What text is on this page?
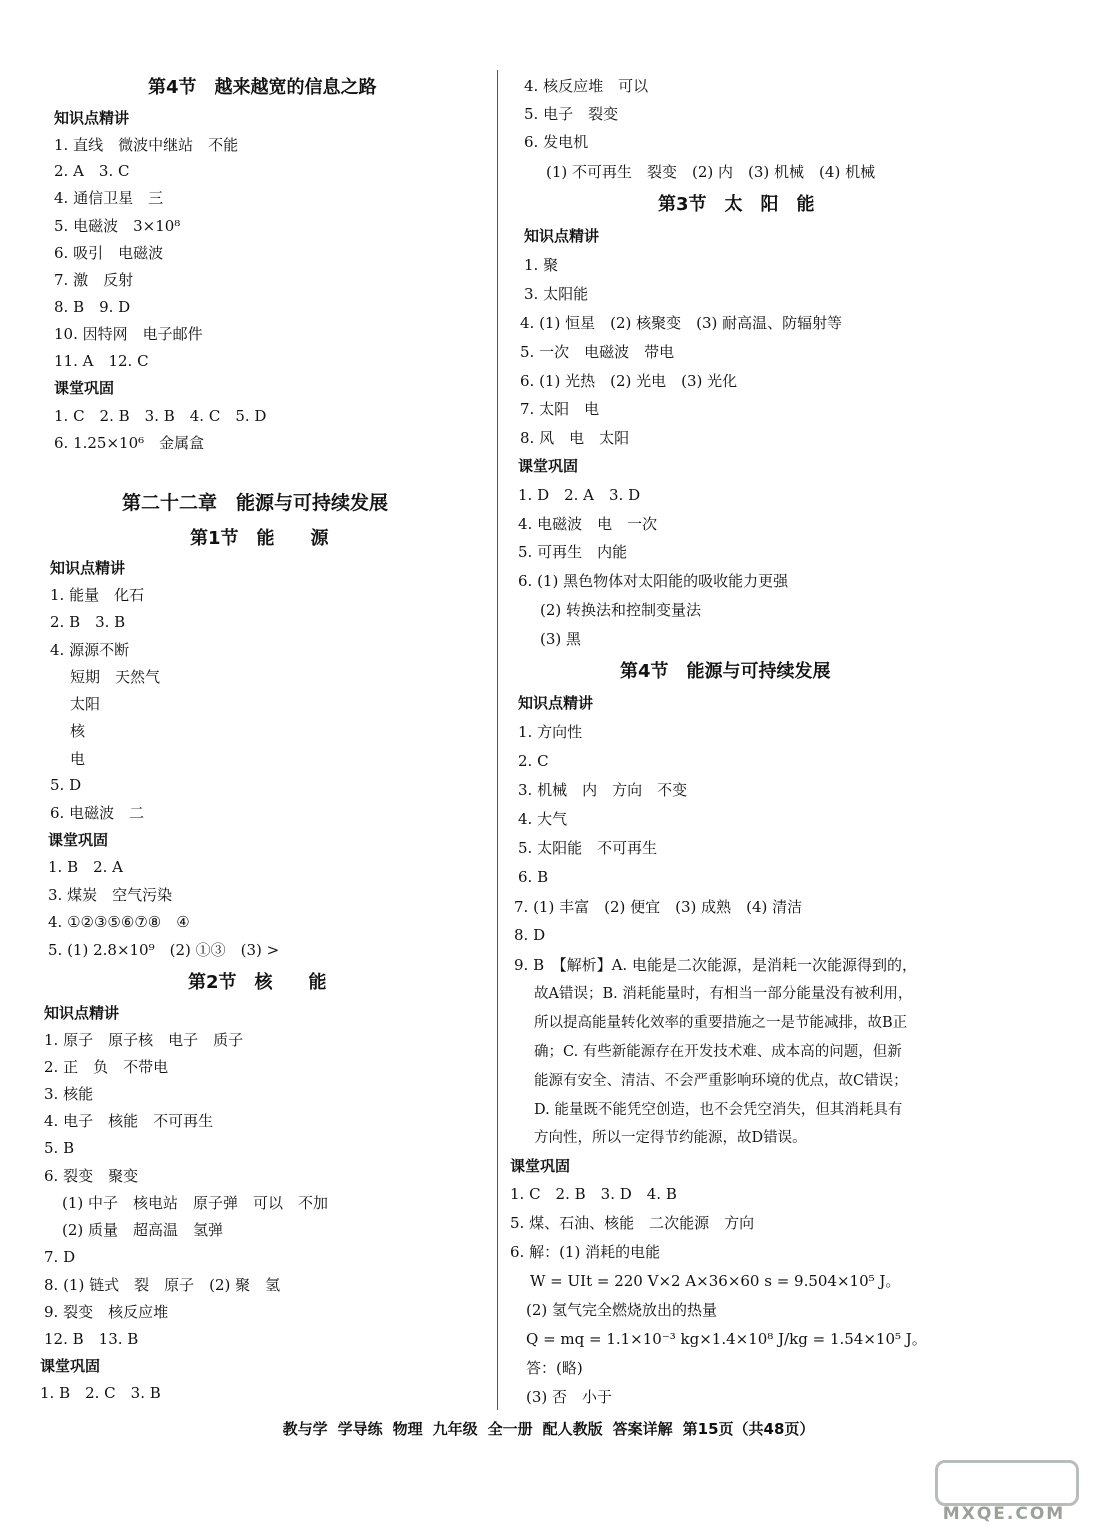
第4节　越来越宽的信息之路
知识点精讲
1. 直线　微波中继站　不能
2. A　3. C
4. 通信卫星　三
5. 电磁波　3×10⁸
6. 吸引　电磁波
7. 激　反射
8. B　9. D
10. 因特网　电子邮件
11. A　12. C
课堂巩固
1. C　2. B　3. B　4. C　5. D
6. 1.25×10⁶　金属盒
第二十二章　能源与可持续发展
第1节　能　　源
知识点精讲
1. 能量　化石
2. B　3. B
4. 源源不断
短期　天然气
太阳
核
电
5. D
6. 电磁波　二
课堂巩固
1. B　2. A
3. 煤炭　空气污染
4. ①②③⑤⑥⑦⑧　④
5. (1) 2.8×10⁹　(2) ①③　(3) >
第2节　核　　能
知识点精讲
1. 原子　原子核　电子　质子
2. 正　负　不带电
3. 核能
4. 电子　核能　不可再生
5. B
6. 裂变　聚变
(1) 中子　核电站　原子弹　可以　不加
(2) 质量　超高温　氢弹
7. D
8. (1) 链式　裂　原子　(2) 聚　氢
9. 裂变　核反应堆
12. B　13. B
课堂巩固
1. B　2. C　3. B
4. 核反应堆　可以
5. 电子　裂变
6. 发电机
(1) 不可再生　裂变　(2) 内　(3) 机械　(4) 机械
第3节　太　阳　能
知识点精讲
1. 聚
3. 太阳能
4. (1) 恒星　(2) 核聚变　(3) 耐高温、防辐射等
5. 一次　电磁波　带电
6. (1) 光热　(2) 光电　(3) 光化
7. 太阳　电
8. 风　电　太阳
课堂巩固
1. D　2. A　3. D
4. 电磁波　电　一次
5. 可再生　内能
6. (1) 黑色物体对太阳能的吸收能力更强
(2) 转换法和控制变量法
(3) 黑
第4节　能源与可持续发展
知识点精讲
1. 方向性
2. C
3. 机械　内　方向　不变
4. 大气
5. 太阳能　不可再生
6. B
7. (1) 丰富　(2) 便宜　(3) 成熟　(4) 清洁
8. D
9. B　【解析】A. 电能是二次能源，是消耗一次能源得到的，
故A错误；B. 消耗能量时，有相当一部分能量没有被利用，
所以提高能量转化效率的重要措施之一是节能减排，故B正
确；C. 有些新能源存在开发技术难、成本高的问题，但新
能源有安全、清洁、不会严重影响环境的优点，故C错误；
D. 能量既不能凭空创造，也不会凭空消失，但其消耗具有
方向性，所以一定得节约能源，故D错误。
课堂巩固
1. C　2. B　3. D　4. B
5. 煤、石油、核能　二次能源　方向
6. 解：(1) 消耗的电能
W = UIt = 220 V×2 A×36×60 s = 9.504×10⁵ J。
(2) 氢气完全燃烧放出的热量
Q = mq = 1.1×10⁻³ kg×1.4×10⁸ J/kg = 1.54×10⁵ J。
答：(略)
(3) 否　小于
教与学 学导练 物理 九年级 全一册 配人教版 答案详解 第15页（共48页）
MXQE.COM
